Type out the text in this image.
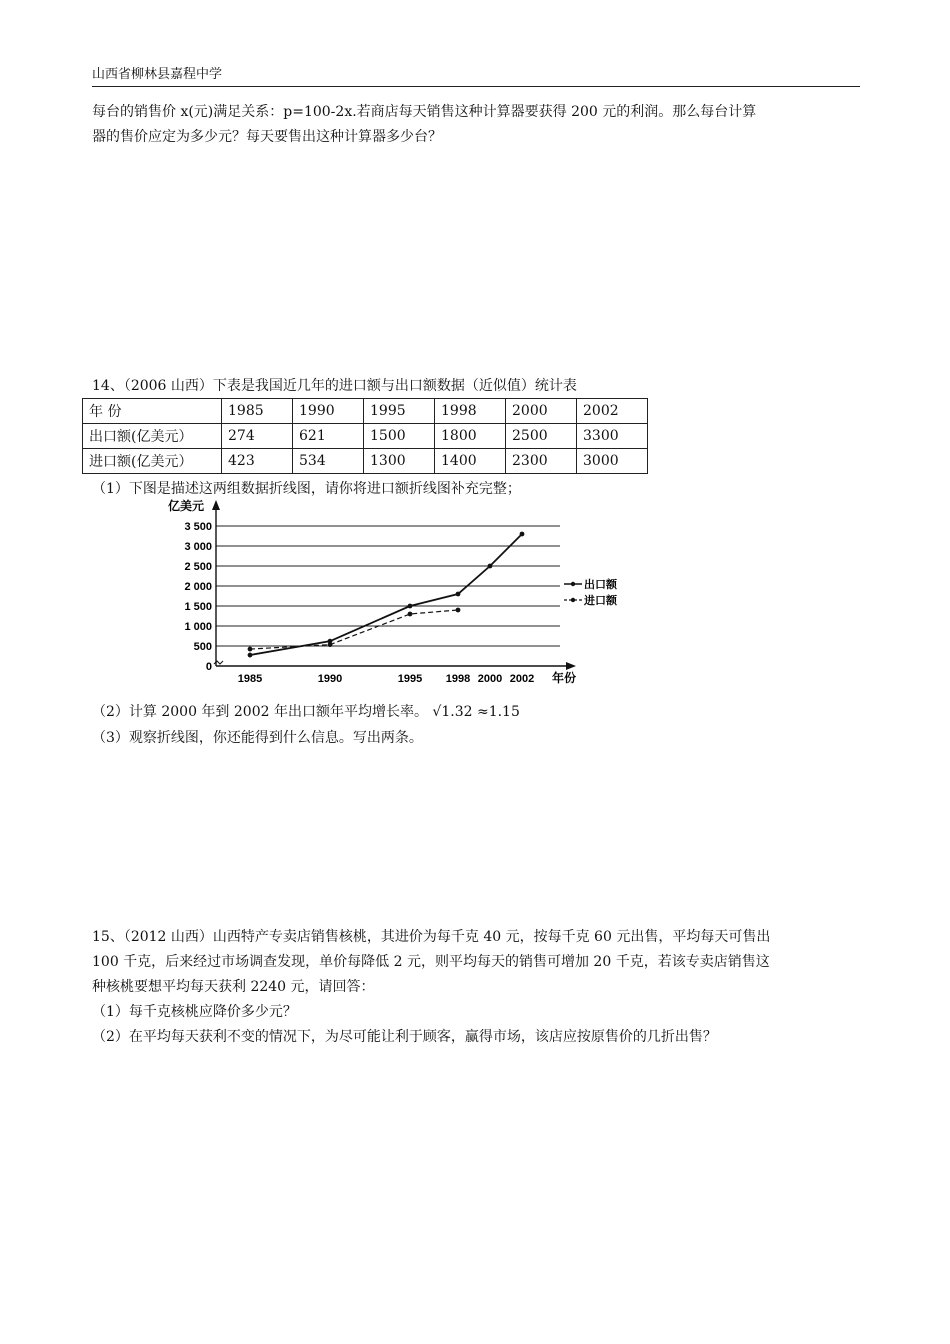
山西省柳林县嘉程中学
每台的销售价 x(元)满足关系：p=100-2x.若商店每天销售这种计算器要获得 200 元的利润。那么每台计算
器的售价应定为多少元？每天要售出这种计算器多少台？
14、（2006 山西）下表是我国近几年的进口额与出口额数据（近似值）统计表
年 份	1985	1990	1995	1998	2000	2002
出口额(亿美元）	274	621	1500	1800	2500	3300
进口额(亿美元）	423	534	1300	1400	2300	3000
（1）下图是描述这两组数据折线图，请你将进口额折线图补充完整；
0
500
1 000
1 500
2 000
2 500
3 000
3 500
亿美元
年份
1985	1990	1995 1998 2000 2002
出口额
进口额
（2）计算 2000 年到 2002 年出口额年平均增长率。 √1.32 ≈1.15
（3）观察折线图，你还能得到什么信息。写出两条。
15、（2012 山西）山西特产专卖店销售核桃，其进价为每千克 40 元，按每千克 60 元出售，平均每天可售出
100 千克，后来经过市场调查发现，单价每降低 2 元，则平均每天的销售可增加 20 千克，若该专卖店销售这
种核桃要想平均每天获利 2240 元，请回答：
（1）每千克核桃应降价多少元？
（2）在平均每天获利不变的情况下，为尽可能让利于顾客，赢得市场，该店应按原售价的几折出售？
